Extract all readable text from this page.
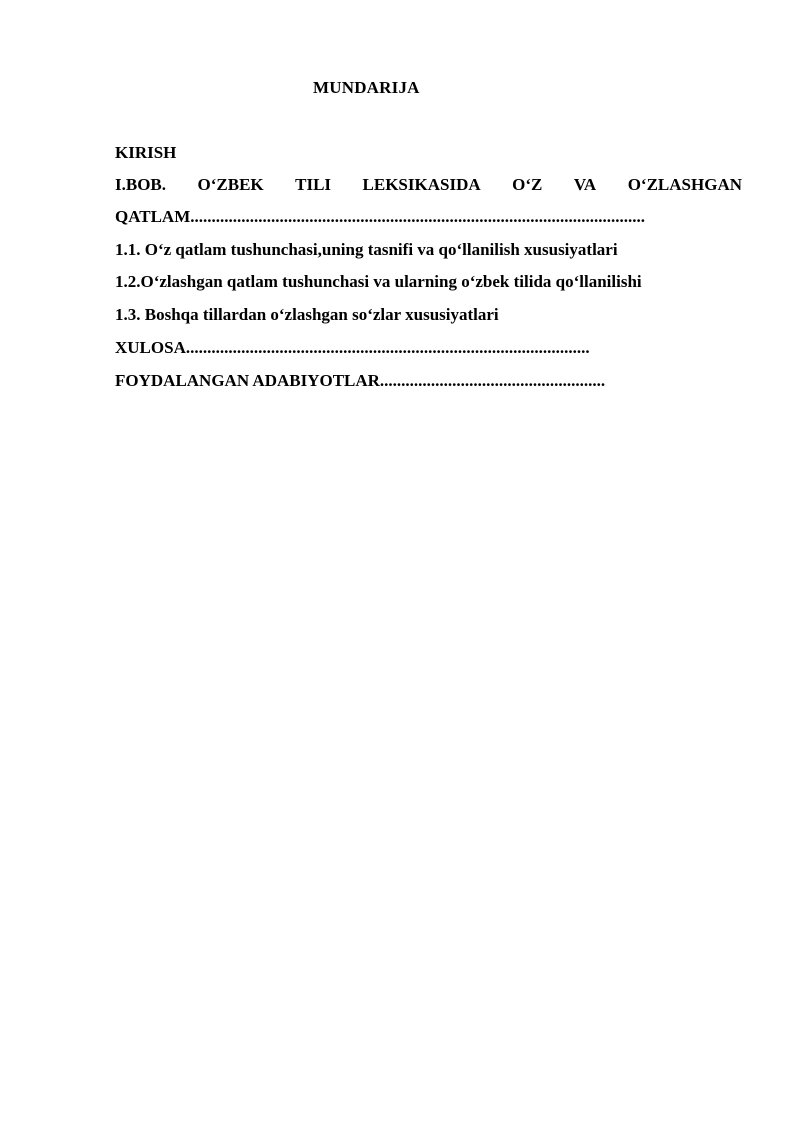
MUNDARIJA
KIRISH
I.BOB. O‘ZBEK TILI LEKSIKASIDA O‘Z VA O‘ZLASHGAN
QATLAM...........................................................................................................
1.1. O‘z qatlam tushunchasi,uning tasnifi va qo‘llanilish xususiyatlari
1.2.O‘zlashgan qatlam tushunchasi va ularning o‘zbek tilida qo‘llanilishi
1.3. Boshqa tillardan o‘zlashgan so‘zlar xususiyatlari
XULOSA...............................................................................................
FOYDALANGAN ADABIYOTLAR.....................................................
